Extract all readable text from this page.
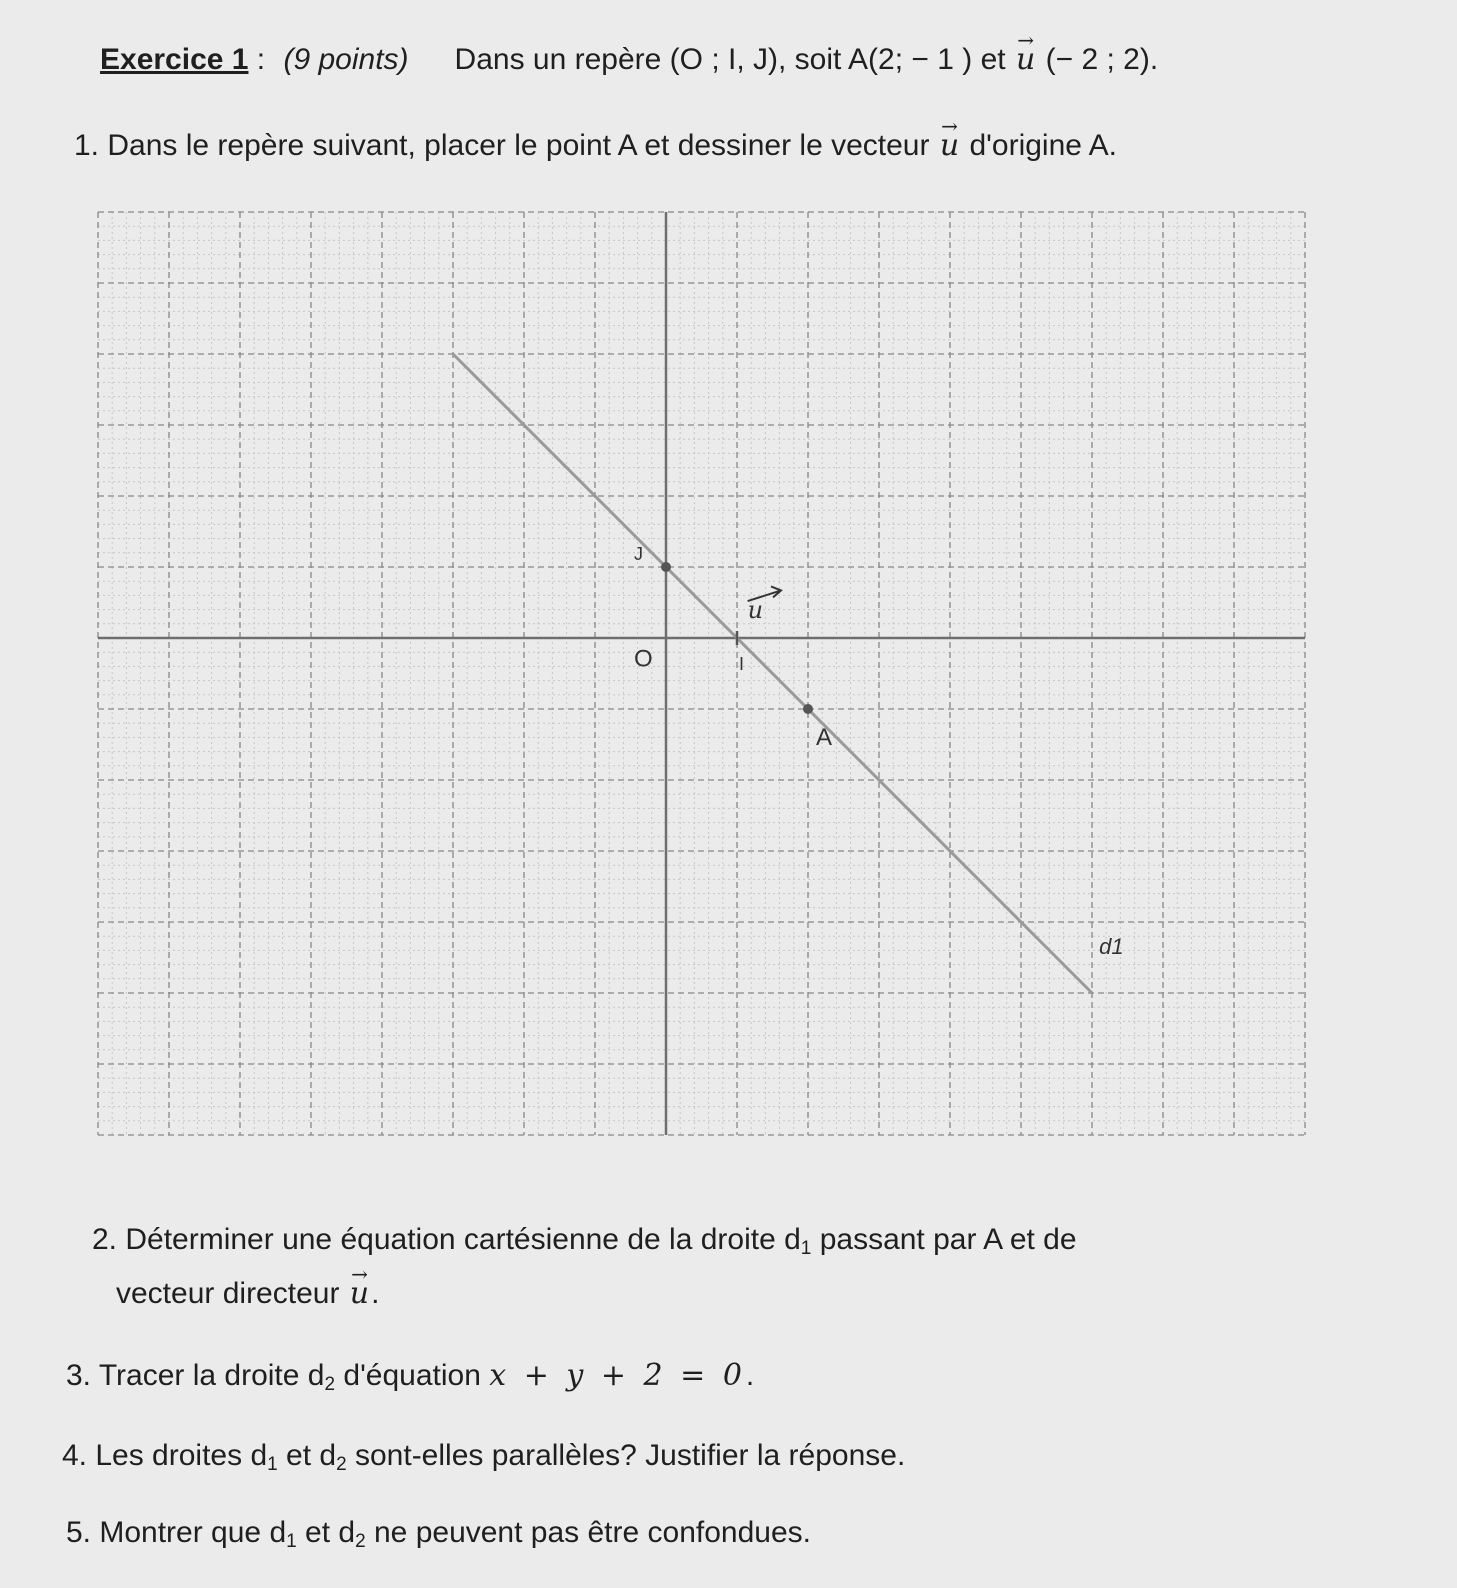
O	I
J
A
u
d1
Exercice 1 : (9 points) Dans un repère (O ; I, J), soit A(2; − 1 ) et → u (− 2 ; 2).
1. Dans le repère suivant, placer le point A et dessiner le vecteur → u d'origine A.
2. Déterminer une équation cartésienne de la droite $d_1$ passant par A et de
vecteur directeur → u.
3. Tracer la droite $d_2$ d'équation x + y + 2 = 0.
4. Les droites $d_1$ et $d_2$ sont-elles parallèles? Justifier la réponse.
5. Montrer que $d_1$ et $d_2$ ne peuvent pas être confondues.
